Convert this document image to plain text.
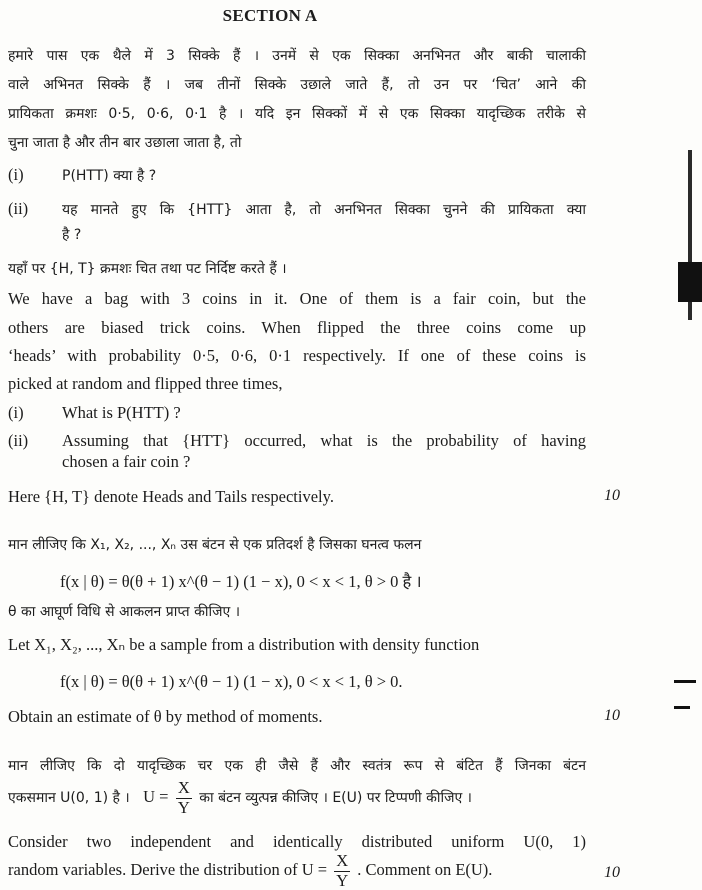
SECTION A
हमारे पास एक थैले में 3 सिक्के हैं । उनमें से एक सिक्का अनभिनत और बाकी चालाकी
वाले अभिनत सिक्के हैं । जब तीनों सिक्के उछाले जाते हैं, तो उन पर ‘चित’ आने की
प्रायिकता क्रमशः 0·5, 0·6, 0·1 है । यदि इन सिक्कों में से एक सिक्का यादृच्छिक तरीके से
चुना जाता है और तीन बार उछाला जाता है, तो
(i)	P(HTT) क्या है ?
(ii) यह मानते हुए कि {HTT} आता है, तो अनभिनत सिक्का चुनने की प्रायिकता क्या
है ?
यहाँ पर {H, T} क्रमशः चित तथा पट निर्दिष्ट करते हैं ।
We have a bag with 3 coins in it. One of them is a fair coin, but the
others are biased trick coins. When flipped the three coins come up
‘heads’ with probability 0·5, 0·6, 0·1 respectively. If one of these coins is
picked at random and flipped three times,
(i) What is P(HTT) ?
(ii) Assuming that {HTT} occurred, what is the probability of having
chosen a fair coin ?
Here {H, T} denote Heads and Tails respectively.	10
मान लीजिए कि X₁, X₂, ..., Xₙ उस बंटन से एक प्रतिदर्श है जिसका घनत्व फलन
f(x | θ) = θ(θ + 1) x^(θ − 1) (1 − x), 0 < x < 1, θ > 0 है ।
θ का आघूर्ण विधि से आकलन प्राप्त कीजिए ।
Let X₁, X₂, ..., Xₙ be a sample from a distribution with density function
f(x | θ) = θ(θ + 1) x^(θ − 1) (1 − x), 0 < x < 1, θ > 0.
Obtain an estimate of θ by method of moments.	10
मान लीजिए कि दो यादृच्छिक चर एक ही जैसे हैं और स्वतंत्र रूप से बंटित हैं जिनका बंटन
एकसमान U(0, 1) है । $U = \frac{X}{Y}$ का बंटन व्युत्पन्न कीजिए । E(U) पर टिप्पणी कीजिए ।
Consider two independent and identically distributed uniform U(0, 1)
random variables. Derive the distribution of $U = \frac{X}{Y}$ . Comment on E(U).	10
